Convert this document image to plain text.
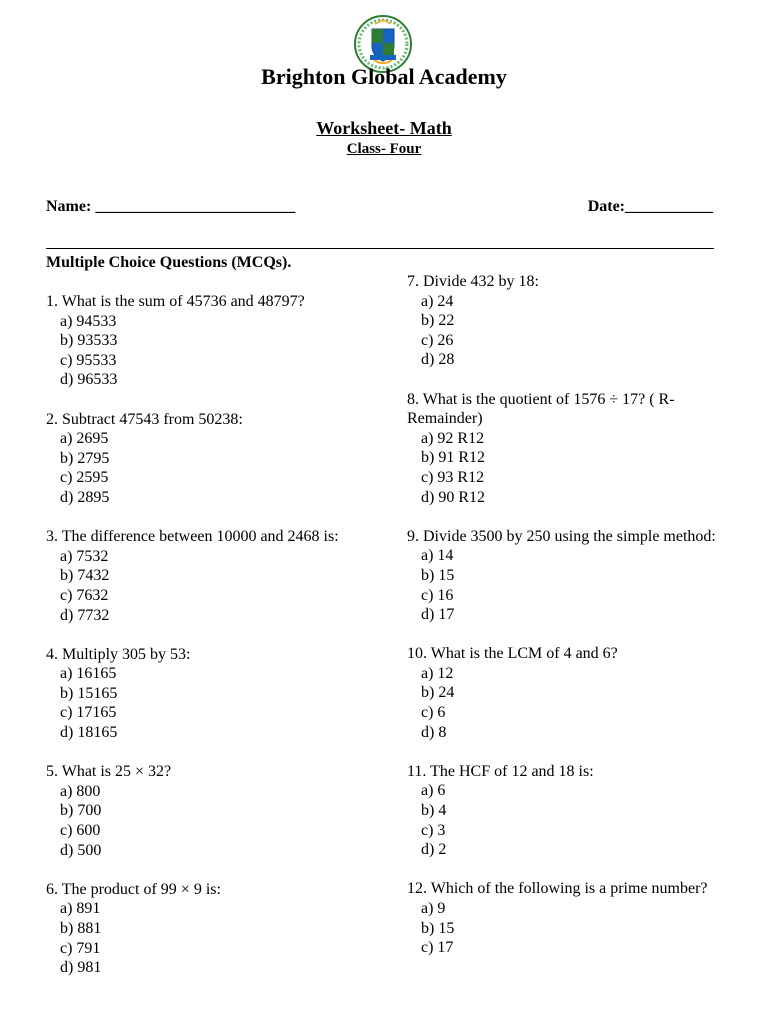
Brighton Global Academy
Worksheet- Math
Class- Four
Name: _________________________	Date:___________
Multiple Choice Questions (MCQs).
1. What is the sum of 45736 and 48797?
a) 94533
b) 93533
c) 95533
d) 96533
2. Subtract 47543 from 50238:
a) 2695
b) 2795
c) 2595
d) 2895
3. The difference between 10000 and 2468 is:
a) 7532
b) 7432
c) 7632
d) 7732
4. Multiply 305 by 53:
a) 16165
b) 15165
c) 17165
d) 18165
5. What is 25 × 32?
a) 800
b) 700
c) 600
d) 500
6. The product of 99 × 9 is:
a) 891
b) 881
c) 791
d) 981
7. Divide 432 by 18:
a) 24
b) 22
c) 26
d) 28
8. What is the quotient of 1576 ÷ 17? ( R-Remainder)
a) 92 R12
b) 91 R12
c) 93 R12
d) 90 R12
9. Divide 3500 by 250 using the simple method:
a) 14
b) 15
c) 16
d) 17
10. What is the LCM of 4 and 6?
a) 12
b) 24
c) 6
d) 8
11. The HCF of 12 and 18 is:
a) 6
b) 4
c) 3
d) 2
12. Which of the following is a prime number?
a) 9
b) 15
c) 17
